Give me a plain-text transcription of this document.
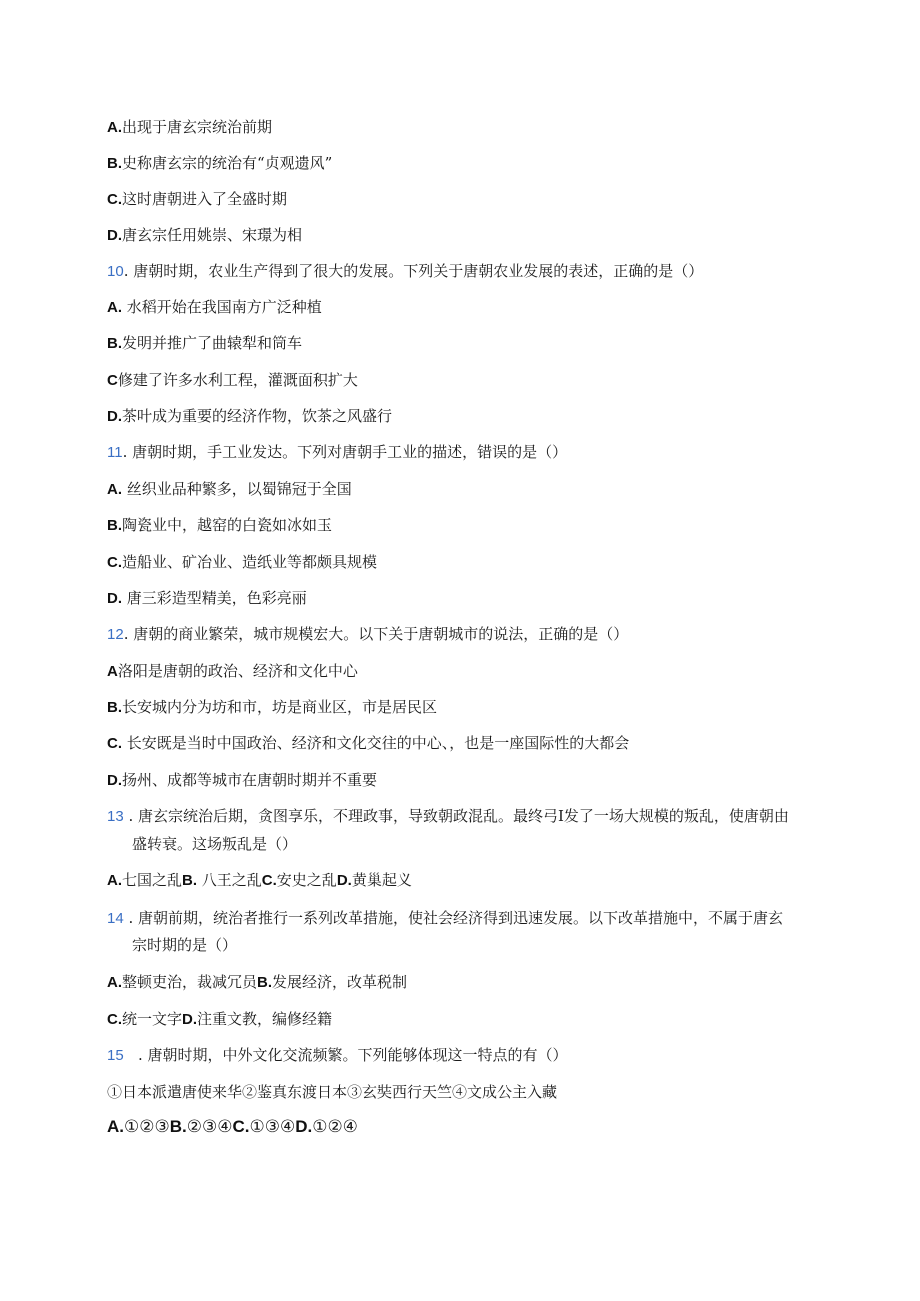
A.出现于唐玄宗统治前期
B.史称唐玄宗的统治有“贞观遗风”
C.这时唐朝进入了全盛时期
D.唐玄宗任用姚崇、宋璟为相
10. 唐朝时期，农业生产得到了很大的发展。下列关于唐朝农业发展的表述，正确的是（）
A. 水稻开始在我国南方广泛种植
B.发明并推广了曲辕犁和筒车
C修建了许多水利工程，灌溉面积扩大
D.茶叶成为重要的经济作物，饮茶之风盛行
11. 唐朝时期，手工业发达。下列对唐朝手工业的描述，错误的是（）
A. 丝织业品种繁多，以蜀锦冠于全国
B.陶瓷业中，越窑的白瓷如冰如玉
C.造船业、矿冶业、造纸业等都颇具规模
D. 唐三彩造型精美，色彩亮丽
12. 唐朝的商业繁荣，城市规模宏大。以下关于唐朝城市的说法，正确的是（）
A洛阳是唐朝的政治、经济和文化中心
B.长安城内分为坊和市，坊是商业区，市是居民区
C. 长安既是当时中国政治、经济和文化交往的中心、，也是一座国际性的大都会
D.扬州、成都等城市在唐朝时期并不重要
13 . 唐玄宗统治后期，贪图享乐，不理政事，导致朝政混乱。最终弓I发了一场大规模的叛乱，使唐朝由
盛转衰。这场叛乱是（）
A.七国之乱B. 八王之乱C.安史之乱D.黄巢起义
14 . 唐朝前期，统治者推行一系列改革措施，使社会经济得到迅速发展。以下改革措施中，不属于唐玄
宗时期的是（）
A.整顿吏治，裁减冗员B.发展经济，改革税制
C.统一文字D.注重文教，编修经籍
15   . 唐朝时期，中外文化交流频繁。下列能够体现这一特点的有（）
①日本派遣唐使来华②鉴真东渡日本③玄奘西行天竺④文成公主入藏
A.①②③B.②③④C.①③④D.①②④
